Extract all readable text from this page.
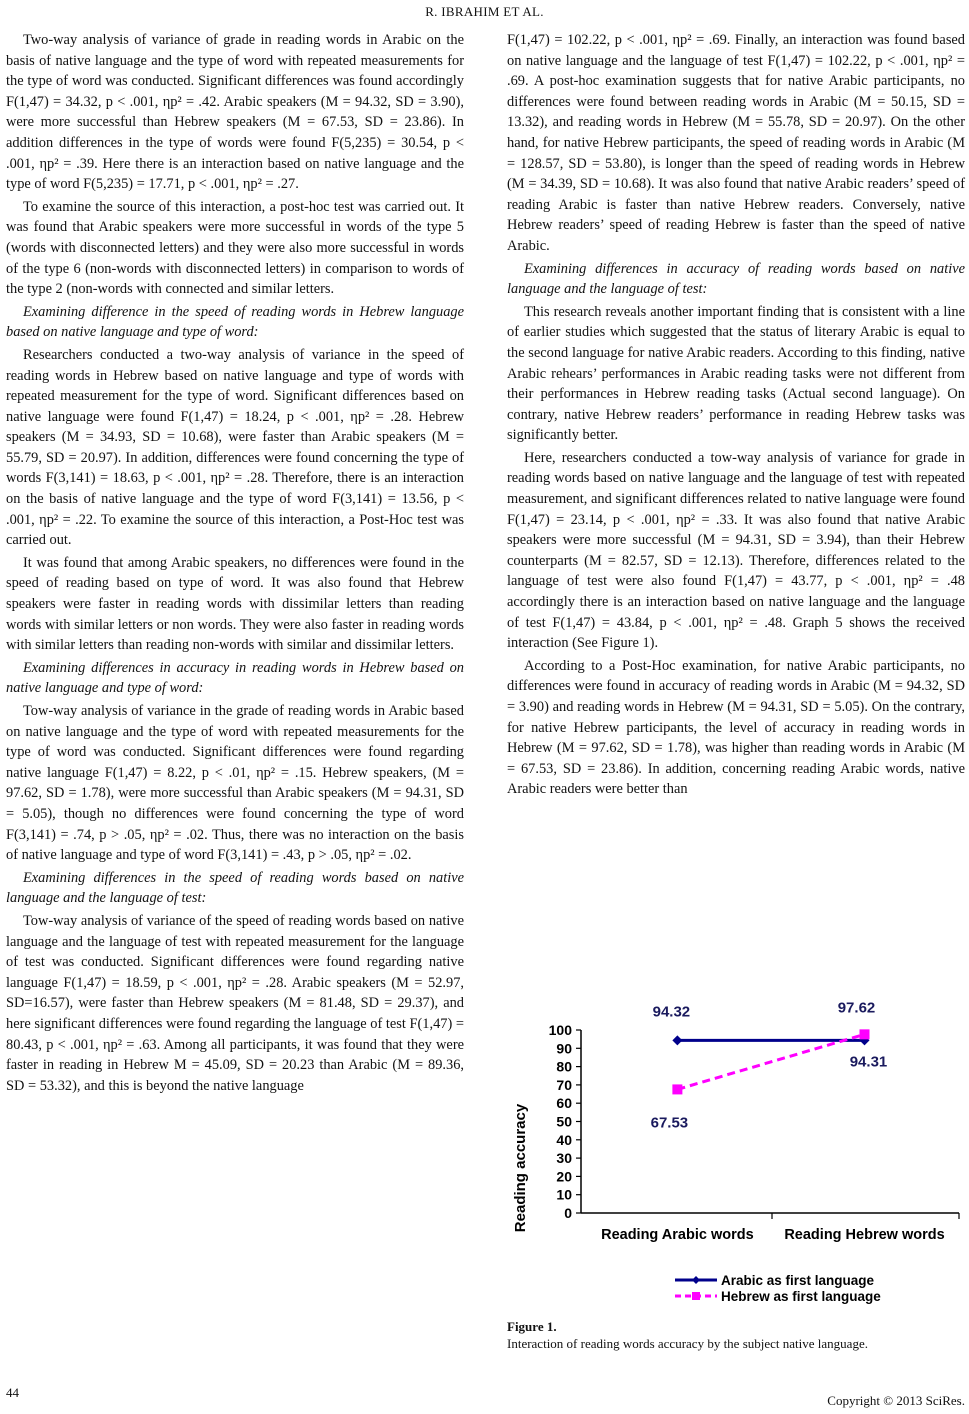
R. IBRAHIM ET AL.

Two-way analysis of variance of grade in reading words in Arabic on the basis of native language and the type of word with repeated measurements for the type of word was conducted. Significant differences was found accordingly F(1,47) = 34.32, p < .001, ηp² = .42. Arabic speakers (M = 94.32, SD = 3.90), were more successful than Hebrew speakers (M = 67.53, SD = 23.86). In addition differences in the type of words were found F(5,235) = 30.54, p < .001, ηp² = .39. Here there is an interaction based on native language and the type of word F(5,235) = 17.71, p < .001, ηp² = .27.

To examine the source of this interaction, a post-hoc test was carried out. It was found that Arabic speakers were more successful in words of the type 5 (words with disconnected letters) and they were also more successful in words of the type 6 (non-words with disconnected letters) in comparison to words of the type 2 (non-words with connected and similar letters.

Examining difference in the speed of reading words in Hebrew language based on native language and type of word:

Researchers conducted a two-way analysis of variance in the speed of reading words in Hebrew based on native language and type of words with repeated measurement for the type of word. Significant differences based on native language were found F(1,47) = 18.24, p < .001, ηp² = .28. Hebrew speakers (M = 34.93, SD = 10.68), were faster than Arabic speakers (M = 55.79, SD = 20.97). In addition, differences were found concerning the type of words F(3,141) = 18.63, p < .001, ηp² = .28. Therefore, there is an interaction on the basis of native language and the type of word F(3,141) = 13.56, p < .001, ηp² = .22. To examine the source of this interaction, a Post-Hoc test was carried out.

It was found that among Arabic speakers, no differences were found in the speed of reading based on type of word. It was also found that Hebrew speakers were faster in reading words with dissimilar letters than reading words with similar letters or non words. They were also faster in reading words with similar letters than reading non-words with similar and dissimilar letters.

Examining differences in accuracy in reading words in Hebrew based on native language and type of word:

Tow-way analysis of variance in the grade of reading words in Arabic based on native language and the type of word with repeated measurements for the type of word was conducted. Significant differences were found regarding native language F(1,47) = 8.22, p < .01, ηp² = .15. Hebrew speakers, (M = 97.62, SD = 1.78), were more successful than Arabic speakers (M = 94.31, SD = 5.05), though no differences were found concerning the type of word F(3,141) = .74, p > .05, ηp² = .02. Thus, there was no interaction on the basis of native language and type of word F(3,141) = .43, p > .05, ηp² = .02.

Examining differences in the speed of reading words based on native language and the language of test:

Tow-way analysis of variance of the speed of reading words based on native language and the language of test with repeated measurement for the language of test was conducted. Significant differences were found regarding native language F(1,47) = 18.59, p < .001, ηp² = .28. Arabic speakers (M = 52.97, SD=16.57), were faster than Hebrew speakers (M = 81.48, SD = 29.37), and here significant differences were found regarding the language of test F(1,47) = 80.43, p < .001, ηp² = .63. Among all participants, it was found that they were faster in reading in Hebrew M = 45.09, SD = 20.23 than Arabic (M = 89.36, SD = 53.32), and this is beyond the native language

F(1,47) = 102.22, p < .001, ηp² = .69. Finally, an interaction was found based on native language and the language of test F(1,47) = 102.22, p < .001, ηp² = .69. A post-hoc examination suggests that for native Arabic participants, no differences were found between reading words in Arabic (M = 50.15, SD = 13.32), and reading words in Hebrew (M = 55.78, SD = 20.97). On the other hand, for native Hebrew participants, the speed of reading words in Arabic (M = 128.57, SD = 53.80), is longer than the speed of reading words in Hebrew (M = 34.39, SD = 10.68). It was also found that native Arabic readers’ speed of reading Arabic is faster than native Hebrew readers. Conversely, native Hebrew readers’ speed of reading Hebrew is faster than the speed of native Arabic.

Examining differences in accuracy of reading words based on native language and the language of test:

This research reveals another important finding that is consistent with a line of earlier studies which suggested that the status of literary Arabic is equal to the second language for native Arabic readers. According to this finding, native Arabic rehears’ performances in Arabic reading tasks were not different from their performances in Hebrew reading tasks (Actual second language). On contrary, native Hebrew readers’ performance in reading Hebrew tasks was significantly better.

Here, researchers conducted a tow-way analysis of variance for grade in reading words based on native language and the language of test with repeated measurement, and significant differences related to native language were found F(1,47) = 23.14, p < .001, ηp² = .33. It was also found that native Arabic speakers were more successful (M = 94.31, SD = 3.94), than their Hebrew counterparts (M = 82.57, SD = 12.13). Therefore, differences related to the language of test were also found F(1,47) = 43.77, p < .001, ηp² = .48 accordingly there is an interaction based on native language and the language of test F(1,47) = 43.84, p < .001, ηp² = .48. Graph 5 shows the received interaction (See Figure 1).

According to a Post-Hoc examination, for native Arabic participants, no differences were found in accuracy of reading words in Arabic (M = 94.32, SD = 3.90) and reading words in Hebrew (M = 94.31, SD = 5.05). On the contrary, for native Hebrew participants, the level of accuracy in reading words in Hebrew (M = 97.62, SD = 1.78), was higher than reading words in Arabic (M = 67.53, SD = 23.86). In addition, concerning reading Arabic words, native Arabic readers were better than

0
10
20
30
40
50
60
70
80
90
100
Reading Arabic words Reading Hebrew words
94.32
94.31
67.53
97.62
Reading accuracy
Arabic as first language
Hebrew as first language
Figure 1.
Interaction of reading words accuracy by the subject native language.
44
Copyright © 2013 SciRes.
